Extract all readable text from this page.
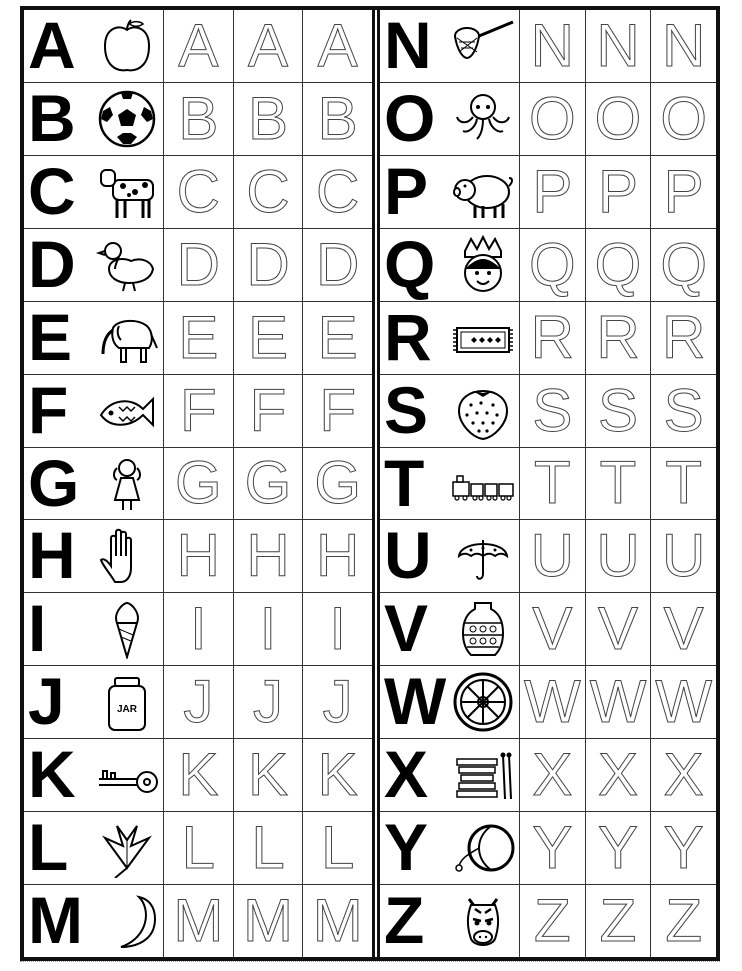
A A A A
B B B B
C C C C
D D D D
E E E E
F F F F
G G G G
H H H H
I I I I
J	JAR J J J
K K K K
L L L L
M M M M
N N N N
O O O O
P P P P
Q Q Q Q
R R R R
S S S S
T T T T
U U U U
V V V V
W W W W
X X X X
Y Y Y Y
Z Z Z Z
